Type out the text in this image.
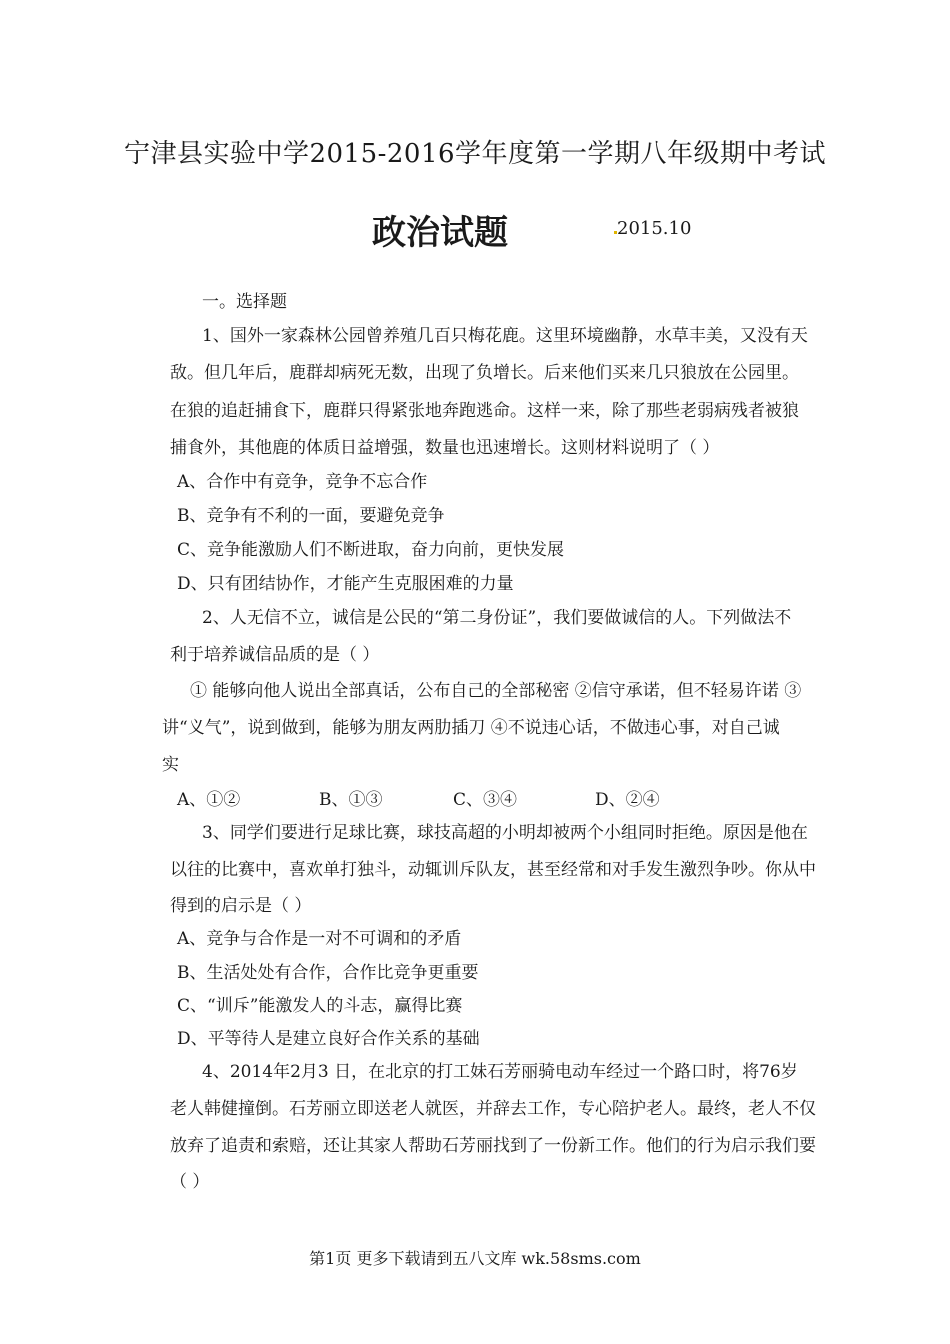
宁津县实验中学2015-2016学年度第一学期八年级期中考试
政治试题	2015.10
一。选择题
1、国外一家森林公园曾养殖几百只梅花鹿。这里环境幽静，水草丰美，又没有天
敌。但几年后，鹿群却病死无数，出现了负增长。后来他们买来几只狼放在公园里。
在狼的追赶捕食下，鹿群只得紧张地奔跑逃命。这样一来，除了那些老弱病残者被狼
捕食外，其他鹿的体质日益增强，数量也迅速增长。这则材料说明了（ ）
A、合作中有竞争，竞争不忘合作
B、竞争有不利的一面，要避免竞争
C、竞争能激励人们不断进取，奋力向前，更快发展
D、只有团结协作，才能产生克服困难的力量
2、人无信不立，诚信是公民的“第二身份证”，我们要做诚信的人。下列做法不
利于培养诚信品质的是（ ）
① 能够向他人说出全部真话，公布自己的全部秘密 ②信守承诺，但不轻易许诺 ③
讲“义气”，说到做到，能够为朋友两肋插刀 ④不说违心话，不做违心事，对自己诚
实
A、①②	B、①③	C、③④	D、②④
3、同学们要进行足球比赛，球技高超的小明却被两个小组同时拒绝。原因是他在
以往的比赛中，喜欢单打独斗，动辄训斥队友，甚至经常和对手发生激烈争吵。你从中
得到的启示是（ ）
A、竞争与合作是一对不可调和的矛盾
B、生活处处有合作，合作比竞争更重要
C、“训斥”能激发人的斗志，赢得比赛
D、平等待人是建立良好合作关系的基础
4、2014年2月3 日，在北京的打工妹石芳丽骑电动车经过一个路口时，将76岁
老人韩健撞倒。石芳丽立即送老人就医，并辞去工作，专心陪护老人。最终，老人不仅
放弃了追责和索赔，还让其家人帮助石芳丽找到了一份新工作。他们的行为启示我们要
（ ）
第1页 更多下载请到五八文库 wk.58sms.com
